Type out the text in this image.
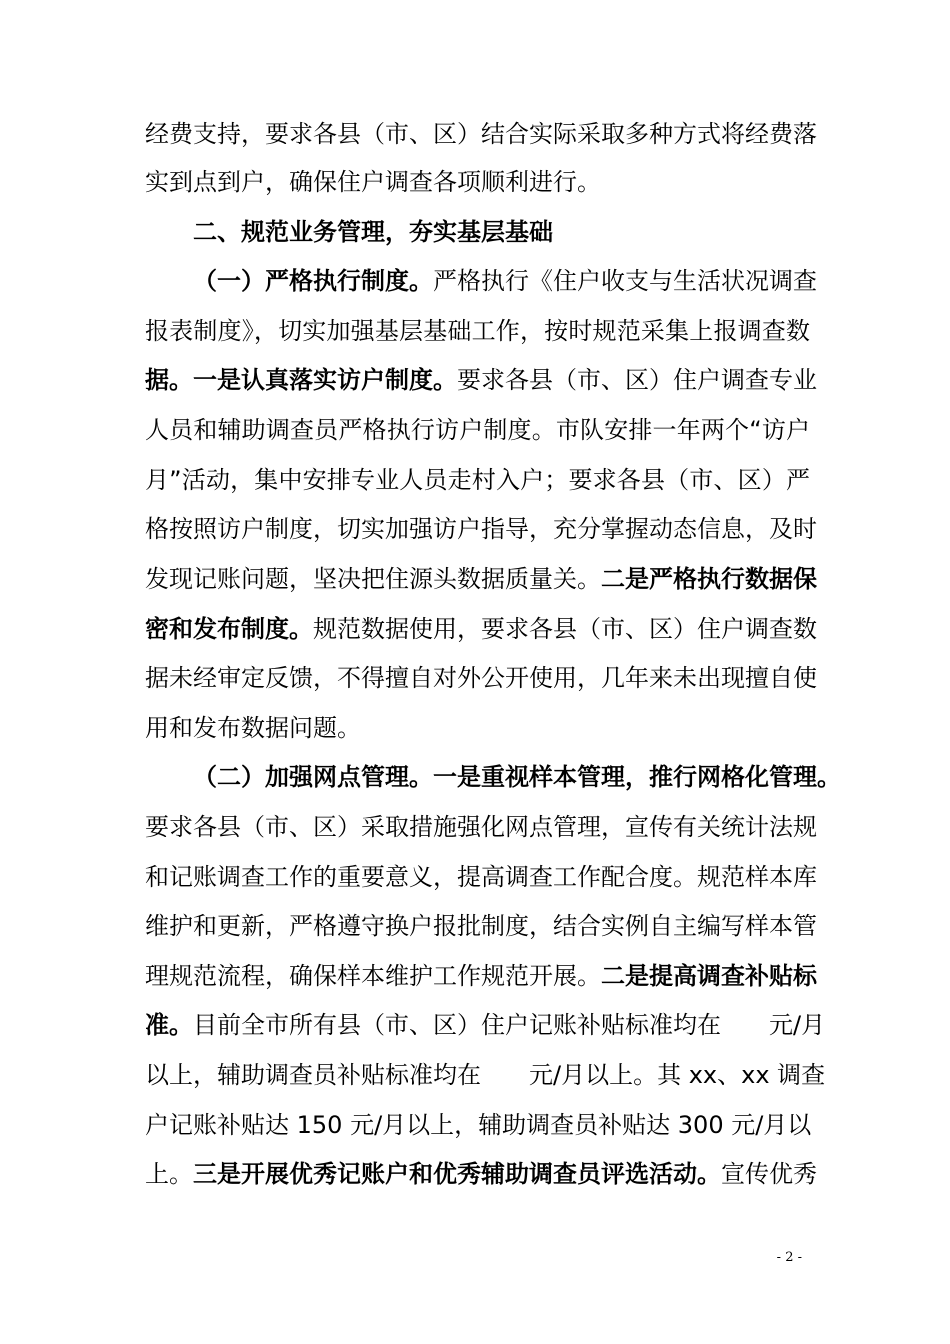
经费支持，要求各县（市、区）结合实际采取多种方式将经费落
实到点到户，确保住户调查各项顺利进行。
二、规范业务管理，夯实基层基础
（一）严格执行制度。严格执行《住户收支与生活状况调查
报表制度》，切实加强基层基础工作，按时规范采集上报调查数
据。一是认真落实访户制度。要求各县（市、区）住户调查专业
人员和辅助调查员严格执行访户制度。市队安排一年两个“访户
月”活动，集中安排专业人员走村入户；要求各县（市、区）严
格按照访户制度，切实加强访户指导，充分掌握动态信息，及时
发现记账问题，坚决把住源头数据质量关。二是严格执行数据保
密和发布制度。规范数据使用，要求各县（市、区）住户调查数
据未经审定反馈，不得擅自对外公开使用，几年来未出现擅自使
用和发布数据问题。
（二）加强网点管理。一是重视样本管理，推行网格化管理。
要求各县（市、区）采取措施强化网点管理，宣传有关统计法规
和记账调查工作的重要意义，提高调查工作配合度。规范样本库
维护和更新，严格遵守换户报批制度，结合实例自主编写样本管
理规范流程，确保样本维护工作规范开展。二是提高调查补贴标
准。目前全市所有县（市、区）住户记账补贴标准均在　　元/月
以上，辅助调查员补贴标准均在　　元/月以上。其 xx、xx 调查
户记账补贴达 150 元/月以上，辅助调查员补贴达 300 元/月以
上。三是开展优秀记账户和优秀辅助调查员评选活动。宣传优秀
- 2 -
